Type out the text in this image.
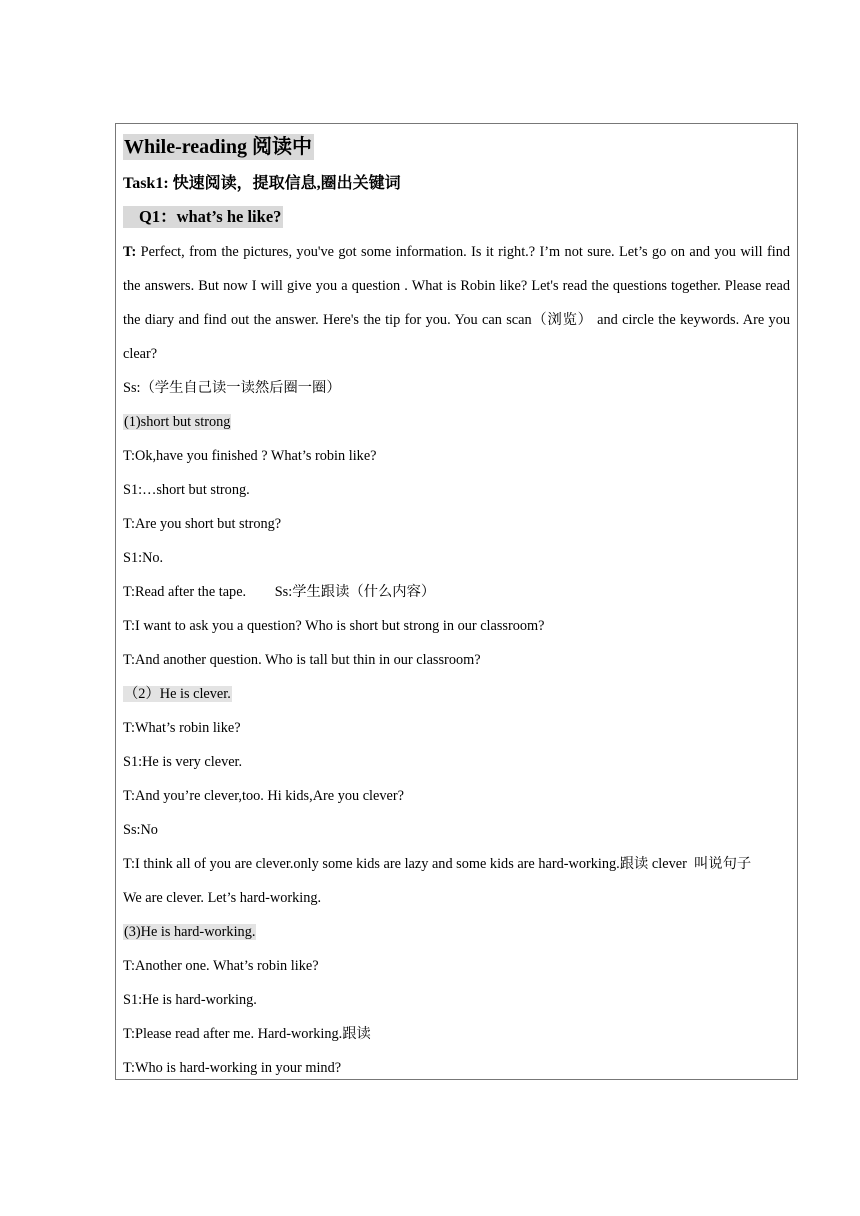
While-reading 阅读中
Task1: 快速阅读，提取信息,圈出关键词
Q1：what’s he like?
T: Perfect, from the pictures, you've got some information. Is it right.? I’m not sure. Let’s go on and you will find the answers. But now I will give you a question . What is Robin like? Let's read the questions together. Please read the diary and find out the answer. Here's the tip for you. You can scan（浏览） and circle the keywords. Are you clear?
Ss:（学生自己读一读然后圈一圈）
(1)short but strong
T:Ok,have you finished ? What’s robin like?
S1:…short but strong.
T:Are you short but strong?
S1:No.
T:Read after the tape.        Ss:学生跟读（什么内容）
T:I want to ask you a question? Who is short but strong in our classroom?
T:And another question. Who is tall but thin in our classroom?
（2）He is clever.
T:What’s robin like?
S1:He is very clever.
T:And you’re clever,too. Hi kids,Are you clever?
Ss:No
T:I think all of you are clever.only some kids are lazy and some kids are hard-working.跟读 clever  叫说句子
We are clever. Let’s hard-working.
(3)He is hard-working.
T:Another one. What’s robin like?
S1:He is hard-working.
T:Please read after me. Hard-working.跟读
T:Who is hard-working in your mind?
